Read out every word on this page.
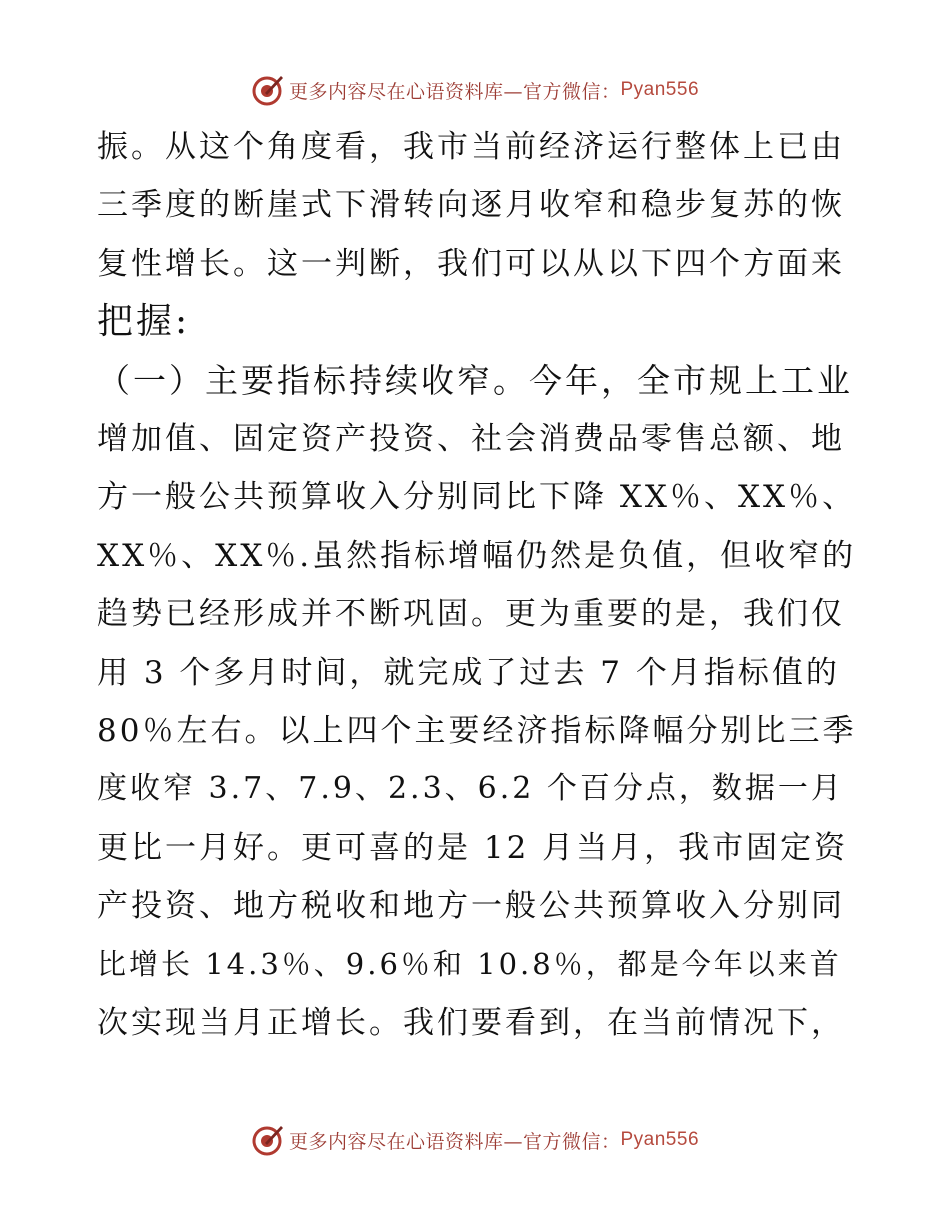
更多内容尽在心语资料库—官方微信： Pyan556
振。从这个角度看，我市当前经济运行整体上已由
三季度的断崖式下滑转向逐月收窄和稳步复苏的恢
复性增长。这一判断，我们可以从以下四个方面来
把握:
（一）主要指标持续收窄。今年，全市规上工业
增加值、固定资产投资、社会消费品零售总额、地
方一般公共预算收入分别同比下降 XX％、XX％、
XX％、XX％.虽然指标增幅仍然是负值，但收窄的
趋势已经形成并不断巩固。更为重要的是，我们仅
用 3 个多月时间，就完成了过去 7 个月指标值的
80％左右。以上四个主要经济指标降幅分别比三季
度收窄 3.7、7.9、2.3、6.2 个百分点，数据一月
更比一月好。更可喜的是 12 月当月，我市固定资
产投资、地方税收和地方一般公共预算收入分别同
比增长 14.3％、9.6％和 10.8％，都是今年以来首
次实现当月正增长。我们要看到，在当前情况下，
更多内容尽在心语资料库—官方微信： Pyan556
